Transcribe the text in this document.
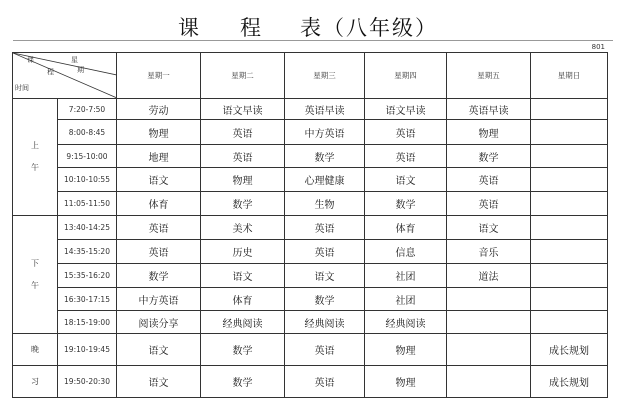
课 程 表（八年级）
801
星
期
课
程
时间		星期一	星期二	星期三	星期四	星期五	星期日

上
午	7:20-7:50	劳动	语文早读	英语早读	语文早读	英语早读	
	8:00-8:45	物理	英语	中方英语	英语	物理	
	9:15-10:00	地理	英语	数学	英语	数学	
	10:10-10:55	语文	物理	心理健康	语文	英语	
	11:05-11:50	体育	数学	生物	数学	英语	

下
午	13:40-14:25	英语	美术	英语	体育	语文	
	14:35-15:20	英语	历史	英语	信息	音乐	
	15:35-16:20	数学	语文	语文	社团	道法	
	16:30-17:15	中方英语	体育	数学	社团		
	18:15-19:00	阅读分享	经典阅读	经典阅读	经典阅读		
晚	19:10-19:45	语文	数学	英语	物理		成长规划
习	19:50-20:30	语文	数学	英语	物理		成长规划
